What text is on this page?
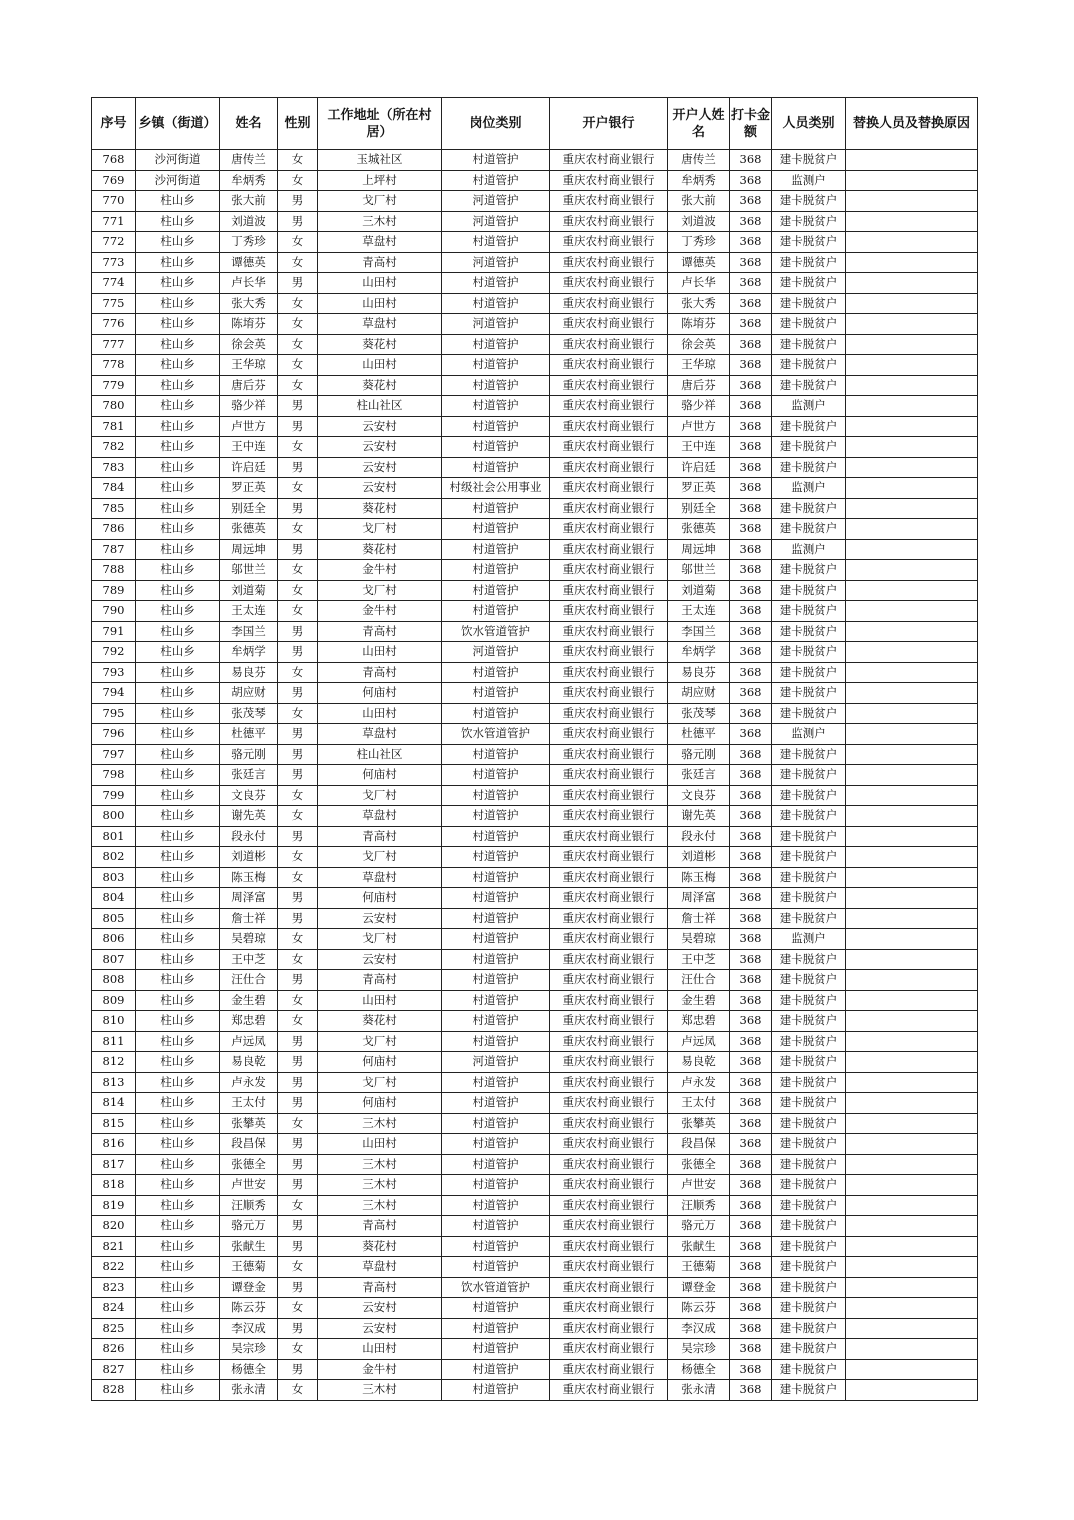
序号	乡镇（街道）	姓名	性别	工作地址（所在村居）	岗位类别	开户银行	开户人姓名	打卡金额	人员类别	替换人员及替换原因
768	沙河街道	唐传兰	女	玉城社区	村道管护	重庆农村商业银行	唐传兰	368	建卡脱贫户	
769	沙河街道	牟炳秀	女	上坪村	村道管护	重庆农村商业银行	牟炳秀	368	监测户	
770	柱山乡	张大前	男	戈厂村	河道管护	重庆农村商业银行	张大前	368	建卡脱贫户	
771	柱山乡	刘道波	男	三木村	河道管护	重庆农村商业银行	刘道波	368	建卡脱贫户	
772	柱山乡	丁秀珍	女	草盘村	村道管护	重庆农村商业银行	丁秀珍	368	建卡脱贫户	
773	柱山乡	谭德英	女	青高村	河道管护	重庆农村商业银行	谭德英	368	建卡脱贫户	
774	柱山乡	卢长华	男	山田村	村道管护	重庆农村商业银行	卢长华	368	建卡脱贫户	
775	柱山乡	张大秀	女	山田村	村道管护	重庆农村商业银行	张大秀	368	建卡脱贫户	
776	柱山乡	陈堉芬	女	草盘村	河道管护	重庆农村商业银行	陈堉芬	368	建卡脱贫户	
777	柱山乡	徐会英	女	葵花村	村道管护	重庆农村商业银行	徐会英	368	建卡脱贫户	
778	柱山乡	王华琼	女	山田村	村道管护	重庆农村商业银行	王华琼	368	建卡脱贫户	
779	柱山乡	唐后芬	女	葵花村	村道管护	重庆农村商业银行	唐后芬	368	建卡脱贫户	
780	柱山乡	骆少祥	男	柱山社区	村道管护	重庆农村商业银行	骆少祥	368	监测户	
781	柱山乡	卢世方	男	云安村	村道管护	重庆农村商业银行	卢世方	368	建卡脱贫户	
782	柱山乡	王中连	女	云安村	村道管护	重庆农村商业银行	王中连	368	建卡脱贫户	
783	柱山乡	许启廷	男	云安村	村道管护	重庆农村商业银行	许启廷	368	建卡脱贫户	
784	柱山乡	罗正英	女	云安村	村级社会公用事业	重庆农村商业银行	罗正英	368	监测户	
785	柱山乡	别廷全	男	葵花村	村道管护	重庆农村商业银行	别廷全	368	建卡脱贫户	
786	柱山乡	张德英	女	戈厂村	村道管护	重庆农村商业银行	张德英	368	建卡脱贫户	
787	柱山乡	周远坤	男	葵花村	村道管护	重庆农村商业银行	周远坤	368	监测户	
788	柱山乡	邬世兰	女	金牛村	村道管护	重庆农村商业银行	邬世兰	368	建卡脱贫户	
789	柱山乡	刘道菊	女	戈厂村	村道管护	重庆农村商业银行	刘道菊	368	建卡脱贫户	
790	柱山乡	王太连	女	金牛村	村道管护	重庆农村商业银行	王太连	368	建卡脱贫户	
791	柱山乡	李国兰	男	青高村	饮水管道管护	重庆农村商业银行	李国兰	368	建卡脱贫户	
792	柱山乡	牟炳学	男	山田村	河道管护	重庆农村商业银行	牟炳学	368	建卡脱贫户	
793	柱山乡	易良芬	女	青高村	村道管护	重庆农村商业银行	易良芬	368	建卡脱贫户	
794	柱山乡	胡应财	男	何庙村	村道管护	重庆农村商业银行	胡应财	368	建卡脱贫户	
795	柱山乡	张茂琴	女	山田村	村道管护	重庆农村商业银行	张茂琴	368	建卡脱贫户	
796	柱山乡	杜德平	男	草盘村	饮水管道管护	重庆农村商业银行	杜德平	368	监测户	
797	柱山乡	骆元刚	男	柱山社区	村道管护	重庆农村商业银行	骆元刚	368	建卡脱贫户	
798	柱山乡	张廷言	男	何庙村	村道管护	重庆农村商业银行	张廷言	368	建卡脱贫户	
799	柱山乡	文良芬	女	戈厂村	村道管护	重庆农村商业银行	文良芬	368	建卡脱贫户	
800	柱山乡	谢先英	女	草盘村	村道管护	重庆农村商业银行	谢先英	368	建卡脱贫户	
801	柱山乡	段永付	男	青高村	村道管护	重庆农村商业银行	段永付	368	建卡脱贫户	
802	柱山乡	刘道彬	女	戈厂村	村道管护	重庆农村商业银行	刘道彬	368	建卡脱贫户	
803	柱山乡	陈玉梅	女	草盘村	村道管护	重庆农村商业银行	陈玉梅	368	建卡脱贫户	
804	柱山乡	周泽富	男	何庙村	村道管护	重庆农村商业银行	周泽富	368	建卡脱贫户	
805	柱山乡	詹士祥	男	云安村	村道管护	重庆农村商业银行	詹士祥	368	建卡脱贫户	
806	柱山乡	吴碧琼	女	戈厂村	村道管护	重庆农村商业银行	吴碧琼	368	监测户	
807	柱山乡	王中芝	女	云安村	村道管护	重庆农村商业银行	王中芝	368	建卡脱贫户	
808	柱山乡	汪仕合	男	青高村	村道管护	重庆农村商业银行	汪仕合	368	建卡脱贫户	
809	柱山乡	金生碧	女	山田村	村道管护	重庆农村商业银行	金生碧	368	建卡脱贫户	
810	柱山乡	郑忠碧	女	葵花村	村道管护	重庆农村商业银行	郑忠碧	368	建卡脱贫户	
811	柱山乡	卢远凤	男	戈厂村	村道管护	重庆农村商业银行	卢远凤	368	建卡脱贫户	
812	柱山乡	易良乾	男	何庙村	河道管护	重庆农村商业银行	易良乾	368	建卡脱贫户	
813	柱山乡	卢永发	男	戈厂村	村道管护	重庆农村商业银行	卢永发	368	建卡脱贫户	
814	柱山乡	王太付	男	何庙村	村道管护	重庆农村商业银行	王太付	368	建卡脱贫户	
815	柱山乡	张攀英	女	三木村	村道管护	重庆农村商业银行	张攀英	368	建卡脱贫户	
816	柱山乡	段昌保	男	山田村	村道管护	重庆农村商业银行	段昌保	368	建卡脱贫户	
817	柱山乡	张德全	男	三木村	村道管护	重庆农村商业银行	张德全	368	建卡脱贫户	
818	柱山乡	卢世安	男	三木村	村道管护	重庆农村商业银行	卢世安	368	建卡脱贫户	
819	柱山乡	汪顺秀	女	三木村	村道管护	重庆农村商业银行	汪顺秀	368	建卡脱贫户	
820	柱山乡	骆元万	男	青高村	村道管护	重庆农村商业银行	骆元万	368	建卡脱贫户	
821	柱山乡	张献生	男	葵花村	村道管护	重庆农村商业银行	张献生	368	建卡脱贫户	
822	柱山乡	王德菊	女	草盘村	村道管护	重庆农村商业银行	王德菊	368	建卡脱贫户	
823	柱山乡	谭登金	男	青高村	饮水管道管护	重庆农村商业银行	谭登金	368	建卡脱贫户	
824	柱山乡	陈云芬	女	云安村	村道管护	重庆农村商业银行	陈云芬	368	建卡脱贫户	
825	柱山乡	李汉成	男	云安村	村道管护	重庆农村商业银行	李汉成	368	建卡脱贫户	
826	柱山乡	吴宗珍	女	山田村	村道管护	重庆农村商业银行	吴宗珍	368	建卡脱贫户	
827	柱山乡	杨德全	男	金牛村	村道管护	重庆农村商业银行	杨德全	368	建卡脱贫户	
828	柱山乡	张永清	女	三木村	村道管护	重庆农村商业银行	张永清	368	建卡脱贫户	
